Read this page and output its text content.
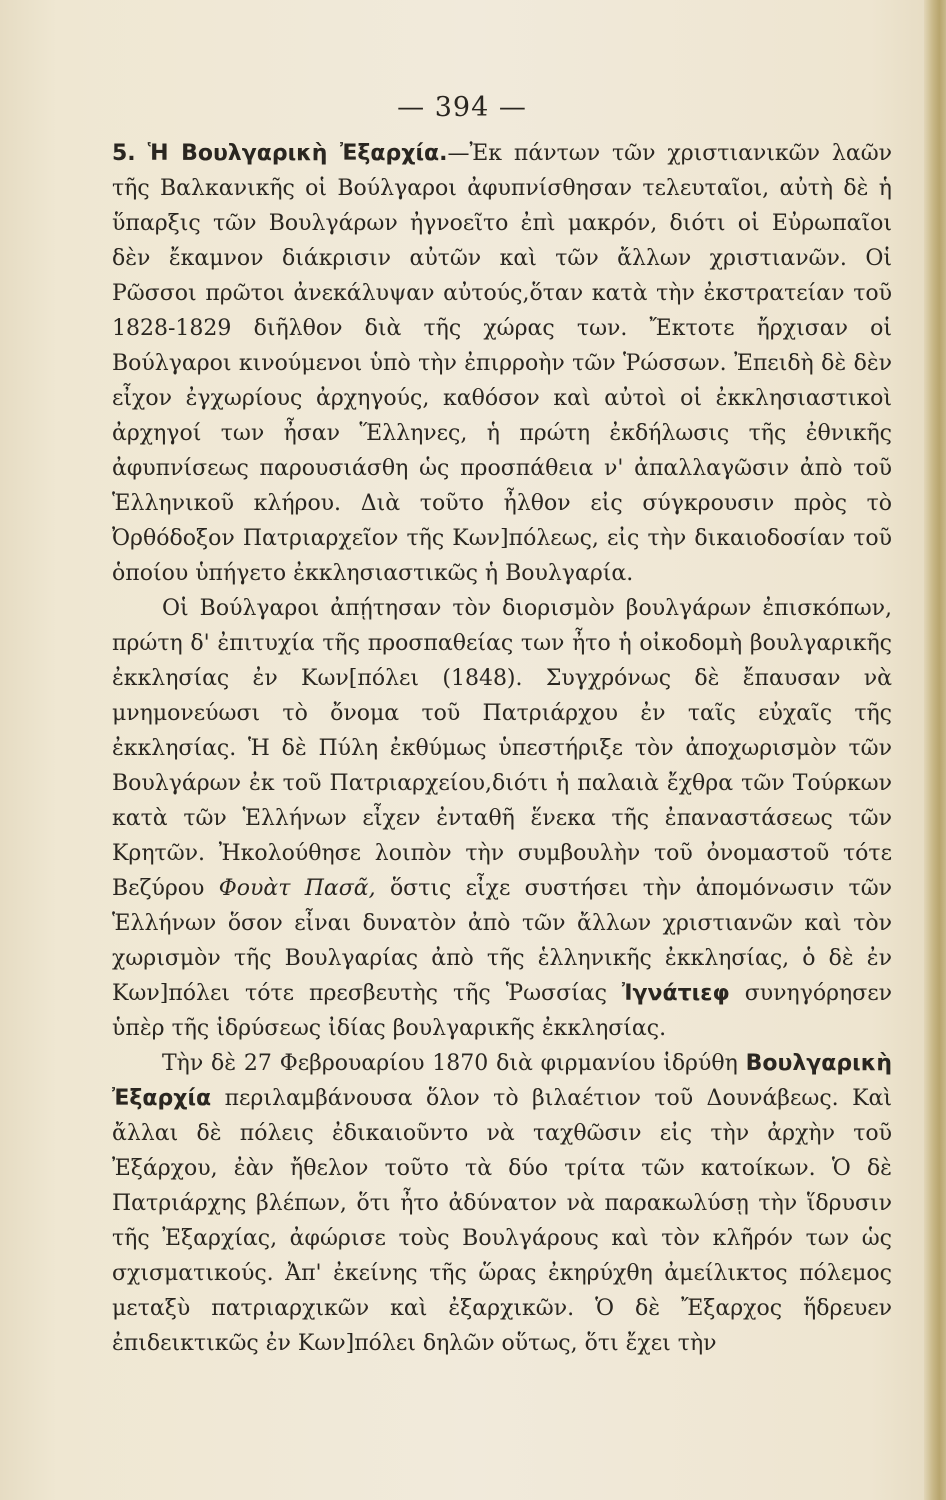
— 394 —

5. Ἡ Βουλγαρικὴ Ἐξαρχία.—Ἐκ πάντων τῶν χριστιανικῶν λαῶν τῆς Βαλκανικῆς οἱ Βούλγαροι ἀφυπνίσθησαν τελευταῖοι, αὐτὴ δὲ ἡ ὕπαρξις τῶν Βουλγάρων ἠγνοεῖτο ἐπὶ μακρόν, διότι οἱ Εὐρωπαῖοι δὲν ἔκαμνον διάκρισιν αὐτῶν καὶ τῶν ἄλλων χριστιανῶν. Οἱ Ρῶσσοι πρῶτοι ἀνεκάλυψαν αὐτούς,ὅταν κατὰ τὴν ἐκστρατείαν τοῦ 1828-1829 διῆλθον διὰ τῆς χώρας των. Ἔκτοτε ἤρχισαν οἱ Βούλγαροι κινούμενοι ὑπὸ τὴν ἐπιρροὴν τῶν Ῥώσσων. Ἐπειδὴ δὲ δὲν εἶχον ἐγχωρίους ἀρχηγούς, καθόσον καὶ αὐτοὶ οἱ ἐκκλησιαστικοὶ ἀρχηγοί των ἦσαν Ἕλληνες, ἡ πρώτη ἐκδήλωσις τῆς ἐθνικῆς ἀφυπνίσεως παρουσιάσθη ὡς προσπάθεια ν' ἀπαλλαγῶσιν ἀπὸ τοῦ Ἑλληνικοῦ κλήρου. Διὰ τοῦτο ἦλθον εἰς σύγκρουσιν πρὸς τὸ Ὀρθόδοξον Πατριαρχεῖον τῆς Κων]πόλεως, εἰς τὴν δικαιοδοσίαν τοῦ ὁποίου ὑπήγετο ἐκκλησιαστικῶς ἡ Βουλγαρία.

Οἱ Βούλγαροι ἀπῄτησαν τὸν διορισμὸν βουλγάρων ἐπισκόπων, πρώτη δ' ἐπιτυχία τῆς προσπαθείας των ἦτο ἡ οἰκοδομὴ βουλγαρικῆς ἐκκλησίας ἐν Κων[πόλει (1848). Συγχρόνως δὲ ἔπαυσαν νὰ μνημονεύωσι τὸ ὄνομα τοῦ Πατριάρχου ἐν ταῖς εὐχαῖς τῆς ἐκκλησίας. Ἡ δὲ Πύλη ἐκθύμως ὑπεστήριξε τὸν ἀποχωρισμὸν τῶν Βουλγάρων ἐκ τοῦ Πατριαρχείου,διότι ἡ παλαιὰ ἔχθρα τῶν Τούρκων κατὰ τῶν Ἑλλήνων εἶχεν ἐνταθῆ ἕνεκα τῆς ἐπαναστάσεως τῶν Κρητῶν. Ἠκολούθησε λοιπὸν τὴν συμβουλὴν τοῦ ὀνομαστοῦ τότε Βεζύρου Φουὰτ Πασᾶ, ὅστις εἶχε συστήσει τὴν ἀπομόνωσιν τῶν Ἑλλήνων ὅσον εἶναι δυνατὸν ἀπὸ τῶν ἄλλων χριστιανῶν καὶ τὸν χωρισμὸν τῆς Βουλγαρίας ἀπὸ τῆς ἑλληνικῆς ἐκκλησίας, ὁ δὲ ἐν Κων]πόλει τότε πρεσβευτὴς τῆς Ῥωσσίας Ἰγνάτιεφ συνηγόρησεν ὑπὲρ τῆς ἱδρύσεως ἰδίας βουλγαρικῆς ἐκκλησίας.

Τὴν δὲ 27 Φεβρουαρίου 1870 διὰ φιρμανίου ἱδρύθη Βουλγαρικὴ Ἐξαρχία περιλαμβάνουσα ὅλον τὸ βιλαέτιον τοῦ Δουνάβεως. Καὶ ἄλλαι δὲ πόλεις ἐδικαιοῦντο νὰ ταχθῶσιν εἰς τὴν ἀρχὴν τοῦ Ἐξάρχου, ἐὰν ἤθελον τοῦτο τὰ δύο τρίτα τῶν κατοίκων. Ὁ δὲ Πατριάρχης βλέπων, ὅτι ἦτο ἀδύνατον νὰ παρακωλύσῃ τὴν ἵδρυσιν τῆς Ἐξαρχίας, ἀφώρισε τοὺς Βουλγάρους καὶ τὸν κλῆρόν των ὡς σχισματικούς. Ἀπ' ἐκείνης τῆς ὥρας ἐκηρύχθη ἀμείλικτος πόλεμος μεταξὺ πατριαρχικῶν καὶ ἐξαρχικῶν. Ὁ δὲ Ἔξαρχος ἥδρευεν ἐπιδεικτικῶς ἐν Κων]πόλει δηλῶν οὕτως, ὅτι ἔχει τὴν
